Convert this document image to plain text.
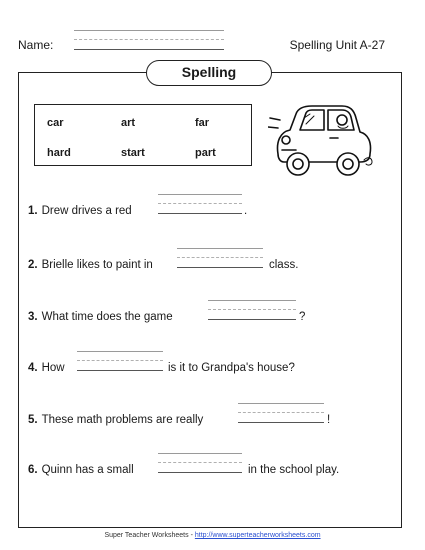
Name:	Spelling Unit A-27
Spelling
car	art	far
hard	start	part
1. Drew drives a red	.
2. Brielle likes to paint in	class.
3. What time does the game	?
4. How	is it to Grandpa's house?
5. These math problems are really	!
6. Quinn has a small	in the school play.
Super Teacher Worksheets - http://www.superteacherworksheets.com
